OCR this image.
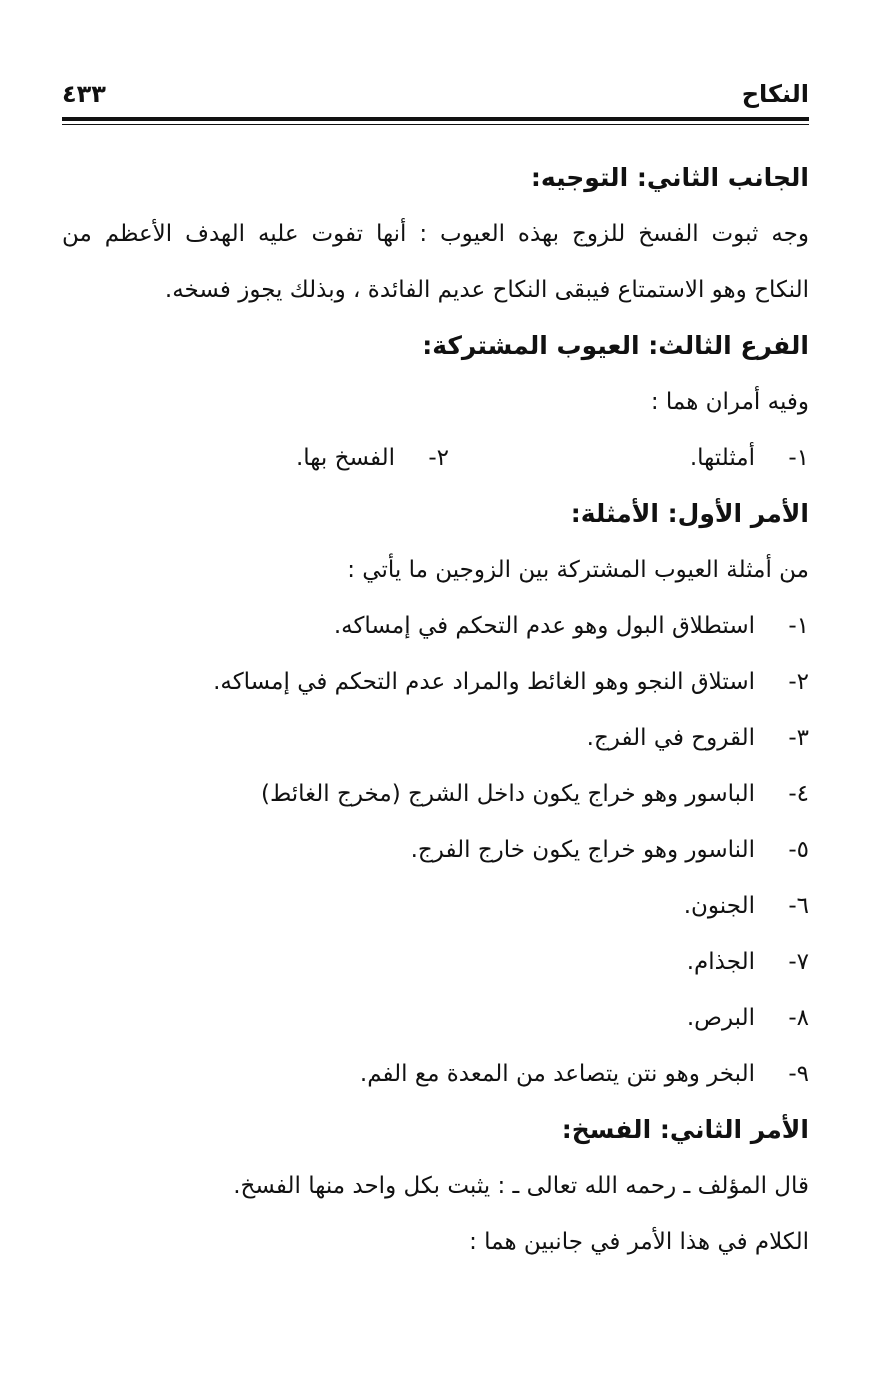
النكاح
٤٣٣
الجانب الثاني: التوجيه:
وجه ثبوت الفسخ للزوج بهذه العيوب : أنها تفوت عليه الهدف الأعظم من
النكاح وهو الاستمتاع فيبقى النكاح عديم الفائدة ، وبذلك يجوز فسخه.
الفرع الثالث: العيوب المشتركة:
وفيه أمران هما :
١-
أمثلتها.
٢-
الفسخ بها.
الأمر الأول: الأمثلة:
من أمثلة العيوب المشتركة بين الزوجين ما يأتي :
١-
استطلاق البول وهو عدم التحكم في إمساكه.
٢-
استلاق النجو وهو الغائط والمراد عدم التحكم في إمساكه.
٣-
القروح في الفرج.
٤-
الباسور وهو خراج يكون داخل الشرج (مخرج الغائط)
٥-
الناسور وهو خراج يكون خارج الفرج.
٦-
الجنون.
٧-
الجذام.
٨-
البرص.
٩-
البخر وهو نتن يتصاعد من المعدة مع الفم.
الأمر الثاني: الفسخ:
قال المؤلف ـ رحمه الله تعالى ـ : يثبت بكل واحد منها الفسخ.
الكلام في هذا الأمر في جانبين هما :
